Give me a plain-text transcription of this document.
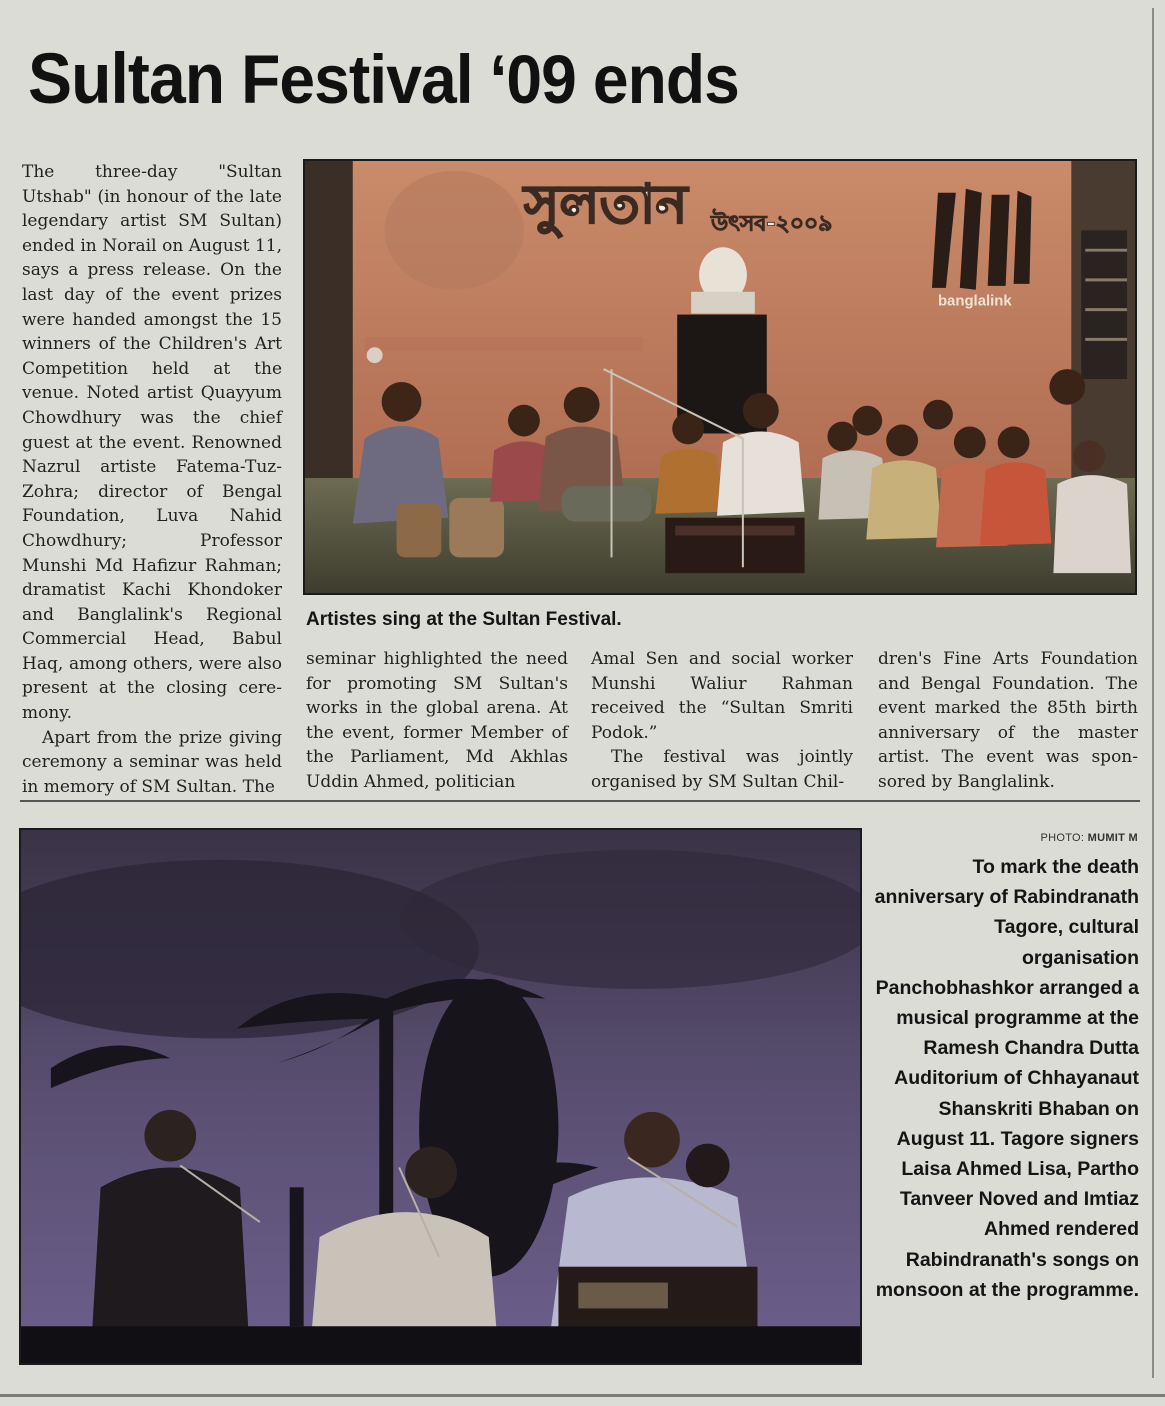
Sultan Festival ‘09 ends

The three-day "Sultan Utshab" (in honour of the late legendary artist SM Sultan) ended in Norail on August 11, says a press release. On the last day of the event prizes were handed amongst the 15 winners of the Children's Art Competition held at the venue. Noted artist Quayyum Chowdhury was the chief guest at the event. Renowned Nazrul artiste Fatema-Tuz-Zohra; director of Bengal Foundation, Luva Nahid Chowdhury; Professor Munshi Md Hafizur Rahman; dramatist Kachi Khondoker and Banglalink's Regional Commercial Head, Babul Haq, among others, were also present at the closing cere-mony.

Apart from the prize giving ceremony a seminar was held in memory of SM Sultan. The

সুলতান উৎসব-২০০৯
banglalink

Artistes sing at the Sultan Festival.

seminar highlighted the need for promoting SM Sultan's works in the global arena. At the event, former Member of the Parliament, Md Akhlas Uddin Ahmed, politician

Amal Sen and social worker Munshi Waliur Rahman received the “Sultan Smriti Podok.”

The festival was jointly organised by SM Sultan Chil-

dren's Fine Arts Foundation and Bengal Foundation. The event marked the 85th birth anniversary of the master artist. The event was spon-sored by Banglalink.

PHOTO: MUMIT M

To mark the death anniversary of Rabindranath Tagore, cultural organisation Panchobhashkor arranged a musical programme at the Ramesh Chandra Dutta Auditorium of Chhayanaut Shanskriti Bhaban on August 11. Tagore signers Laisa Ahmed Lisa, Partho Tanveer Noved and Imtiaz Ahmed rendered Rabindranath's songs on monsoon at the programme.
